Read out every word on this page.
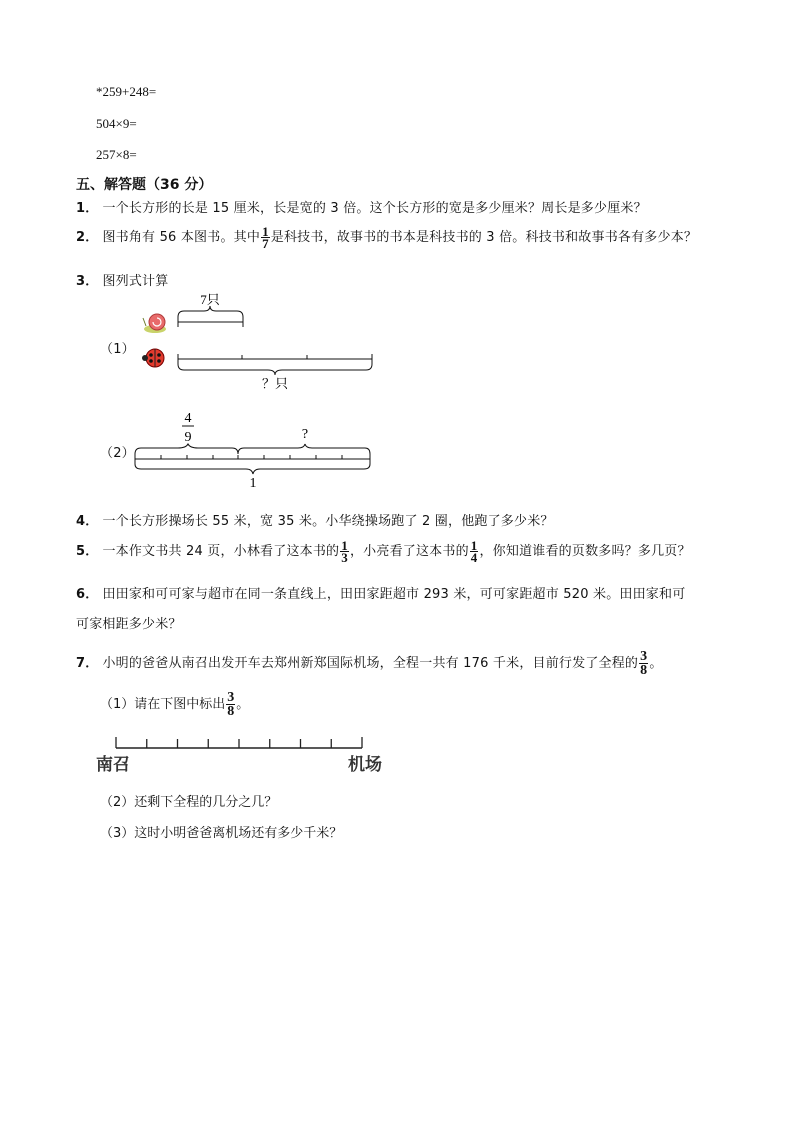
*259+248=
504×9=
257×8=
五、解答题（36 分）
1． 一个长方形的长是 15 厘米，长是宽的 3 倍。这个长方形的宽是多少厘米？周长是多少厘米？
2． 图书角有 56 本图书。其中 $\frac{1}{7}$ 是科技书，故事书的书本是科技书的 3 倍。科技书和故事书各有多少本？
3． 图列式计算
（1）
7只
？只
（2）
4
9	?
1
4． 一个长方形操场长 55 米，宽 35 米。小华绕操场跑了 2 圈，他跑了多少米？
5． 一本作文书共 24 页，小林看了这本书的 $\frac{1}{3}$ ，小亮看了这本书的 $\frac{1}{4}$ ，你知道谁看的页数多吗？多几页？
6． 田田家和可可家与超市在同一条直线上，田田家距超市 293 米，可可家距超市 520 米。田田家和可
可家相距多少米？
7． 小明的爸爸从南召出发开车去郑州新郑国际机场，全程一共有 176 千米，目前行发了全程的 $\frac{3}{8}$ 。
（1）请在下图中标出 $\frac{3}{8}$ 。
南召	机场
（2）还剩下全程的几分之几？
（3）这时小明爸爸离机场还有多少千米？
